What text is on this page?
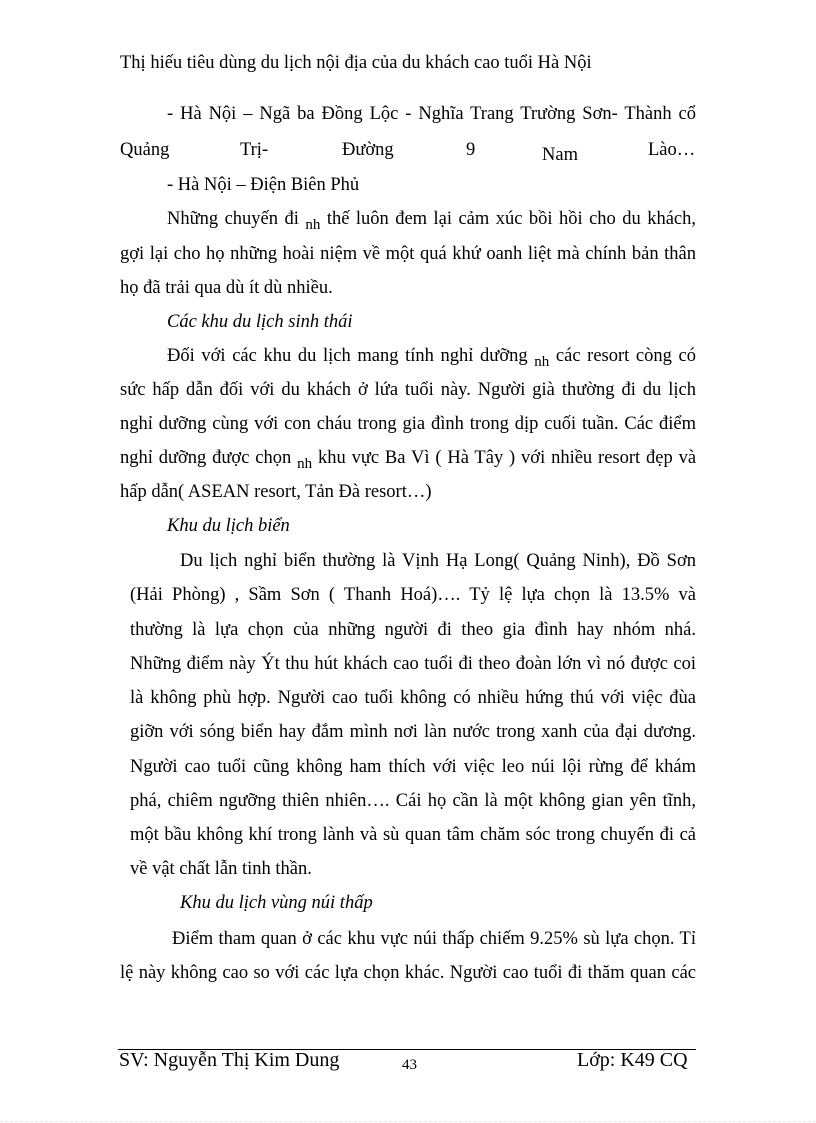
Thị hiếu tiêu dùng du lịch nội địa của du khách cao tuổi Hà Nội
- Hà Nội – Ngã ba Đồng Lộc - Nghĩa Trang Trường Sơn- Thành cổ
Quảng	Trị-	Đường	9	Nam	Lào…
- Hà Nội – Điện Biên Phủ
Những chuyến đi nh thế luôn đem lại cảm xúc bồi hồi cho du khách,
gợi lại cho họ những hoài niệm về một quá khứ oanh liệt mà chính bản thân
họ đã trải qua dù ít dù nhiều.
Các khu du lịch sinh thái
Đối với các khu du lịch mang tính nghỉ dưỡng nh các resort còng có
sức hấp dẫn đối với du khách ở lứa tuổi này. Người già thường đi du lịch
nghỉ dưỡng cùng với con cháu trong gia đình trong dịp cuối tuần. Các điểm
nghỉ dưỡng được chọn nh khu vực Ba Vì ( Hà Tây ) với nhiều resort đẹp và
hấp dẫn( ASEAN resort, Tản Đà resort…)
Khu du lịch biển
Du lịch nghỉ biển thường là Vịnh Hạ Long( Quảng Ninh), Đồ Sơn
(Hải Phòng) , Sầm Sơn ( Thanh Hoá)…. Tỷ lệ lựa chọn là 13.5% và
thường là lựa chọn của những người đi theo gia đình hay nhóm nhá.
Những điểm này Ýt thu hút khách cao tuổi đi theo đoàn lớn vì nó được coi
là không phù hợp. Người cao tuổi không có nhiều hứng thú với việc đùa
giỡn với sóng biển hay đắm mình nơi làn nước trong xanh của đại dương.
Người cao tuổi cũng không ham thích với việc leo núi lội rừng để khám
phá, chiêm ngưỡng thiên nhiên…. Cái họ cần là một không gian yên tĩnh,
một bầu không khí trong lành và sù quan tâm chăm sóc trong chuyến đi cả
về vật chất lẫn tinh thần.
Khu du lịch vùng núi thấp
Điểm tham quan ở các khu vực núi thấp chiếm 9.25% sù lựa chọn. Tỉ
lệ này không cao so với các lựa chọn khác. Người cao tuổi đi thăm quan các
SV: Nguyễn Thị Kim Dung	43	Lớp: K49 CQ
